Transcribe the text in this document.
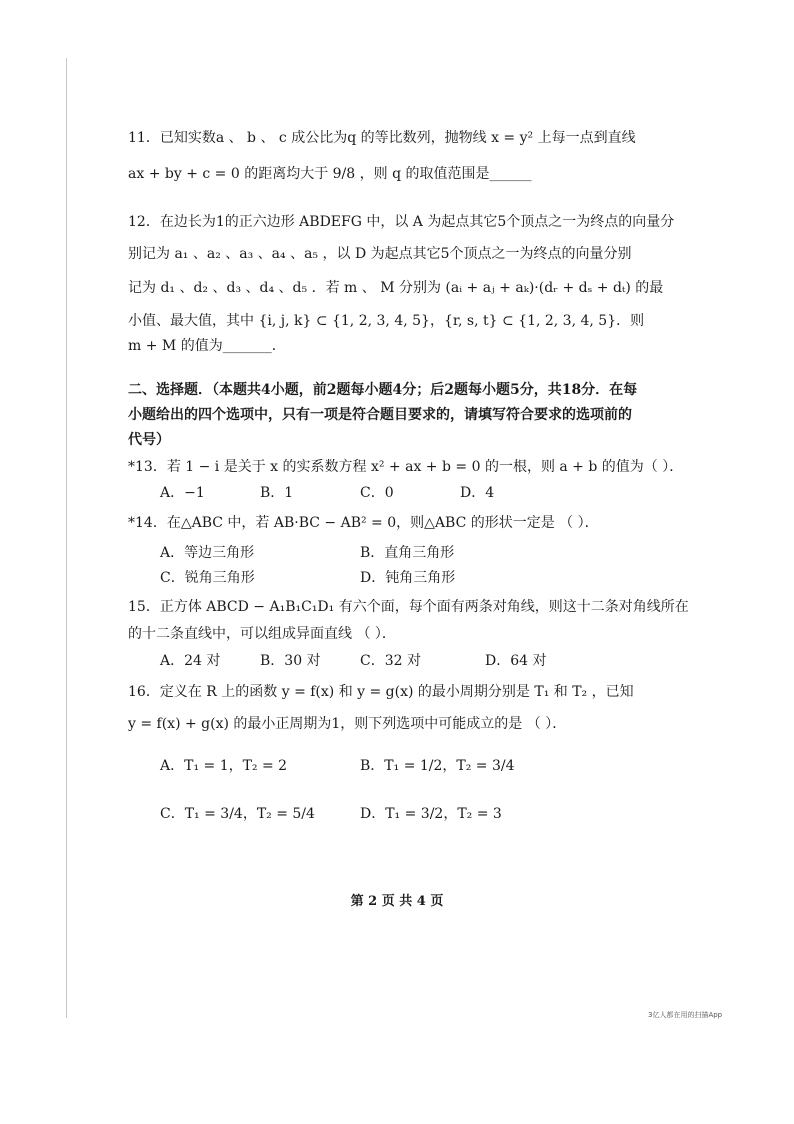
11．已知实数a 、 b 、 c 成公比为q 的等比数列，抛物线 x = y² 上每一点到直线
ax + by + c = 0 的距离均大于 9/8 ，则 q 的取值范围是______
12．在边长为1的正六边形 ABDEFG 中，以 A 为起点其它5个顶点之一为终点的向量分
别记为 a₁ 、a₂ 、a₃ 、a₄ 、a₅ ，以 D 为起点其它5个顶点之一为终点的向量分别
记为 d₁ 、d₂ 、d₃ 、d₄ 、d₅ ．若 m 、 M 分别为 (aᵢ + aⱼ + aₖ)·(dᵣ + dₛ + dₜ) 的最
小值、最大值，其中 {i, j, k} ⊂ {1, 2, 3, 4, 5}，{r, s, t} ⊂ {1, 2, 3, 4, 5}．则
m + M 的值为_______．
二、选择题．（本题共4小题，前2题每小题4分；后2题每小题5分，共18分．在每
小题给出的四个选项中，只有一项是符合题目要求的，请填写符合要求的选项前的
代号）
*13．若 1 − i 是关于 x 的实系数方程 x² + ax + b = 0 的一根，则 a + b 的值为（ ）．
A．−1	B．1	C．0	D．4
*14．在△ABC 中，若 AB·BC − AB² = 0，则△ABC 的形状一定是 （ ）．
A．等边三角形	B．直角三角形
C．锐角三角形	D．钝角三角形
15．正方体 ABCD − A₁B₁C₁D₁ 有六个面，每个面有两条对角线，则这十二条对角线所在
的十二条直线中，可以组成异面直线 （ ）．
A．24 对	B．30 对	C．32 对	D．64 对
16．定义在 R 上的函数 y = f(x) 和 y = g(x) 的最小周期分别是 T₁ 和 T₂ ，已知
y = f(x) + g(x) 的最小正周期为1，则下列选项中可能成立的是 （ ）．
A．T₁ = 1，T₂ = 2	B．T₁ = 1/2，T₂ = 3/4
C．T₁ = 3/4，T₂ = 5/4	D．T₁ = 3/2，T₂ = 3
第 2 页 共 4 页
3亿人都在用的扫描App
